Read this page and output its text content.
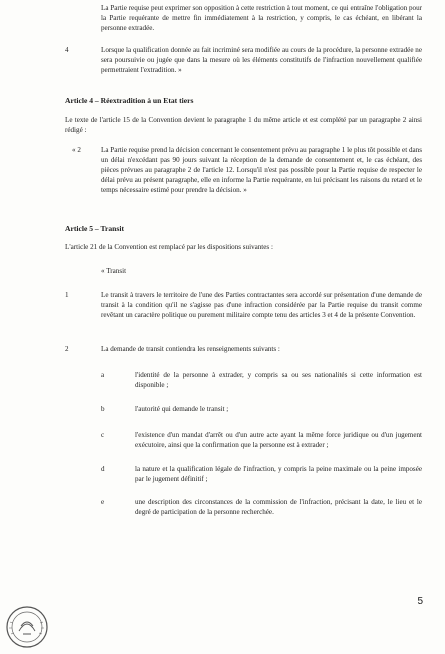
La Partie requise peut exprimer son opposition à cette restriction à tout moment, ce qui entraîne l'obligation pour la Partie requérante de mettre fin immédiatement à la restriction, y compris, le cas échéant, en libérant la personne extradée.

4	Lorsque la qualification donnée au fait incriminé sera modifiée au cours de la procédure, la personne extradée ne sera poursuivie ou jugée que dans la mesure où les éléments constitutifs de l'infraction nouvellement qualifiée permettraient l'extradition. »

Article 4 – Réextradition à un Etat tiers

Le texte de l'article 15 de la Convention devient le paragraphe 1 du même article et est complété par un paragraphe 2 ainsi rédigé :

« 2	La Partie requise prend la décision concernant le consentement prévu au paragraphe 1 le plus tôt possible et dans un délai n'excédant pas 90 jours suivant la réception de la demande de consentement et, le cas échéant, des pièces prévues au paragraphe 2 de l'article 12. Lorsqu'il n'est pas possible pour la Partie requise de respecter le délai prévu au présent paragraphe, elle en informe la Partie requérante, en lui précisant les raisons du retard et le temps nécessaire estimé pour prendre la décision. »

Article 5 – Transit

L'article 21 de la Convention est remplacé par les dispositions suivantes :

« Transit

1	Le transit à travers le territoire de l'une des Parties contractantes sera accordé sur présentation d'une demande de transit à la condition qu'il ne s'agisse pas d'une infraction considérée par la Partie requise du transit comme revêtant un caractère politique ou purement militaire compte tenu des articles 3 et 4 de la présente Convention.

2	La demande de transit contiendra les renseignements suivants :

a	l'identité de la personne à extrader, y compris sa ou ses nationalités si cette information est disponible ;

b	l'autorité qui demande le transit ;

c	l'existence d'un mandat d'arrêt ou d'un autre acte ayant la même force juridique ou d'un jugement exécutoire, ainsi que la confirmation que la personne est à extrader ;

d	la nature et la qualification légale de l'infraction, y compris la peine maximale ou la peine imposée par le jugement définitif ;

e	une description des circonstances de la commission de l'infraction, précisant la date, le lieu et le degré de participation de la personne recherchée.

5
